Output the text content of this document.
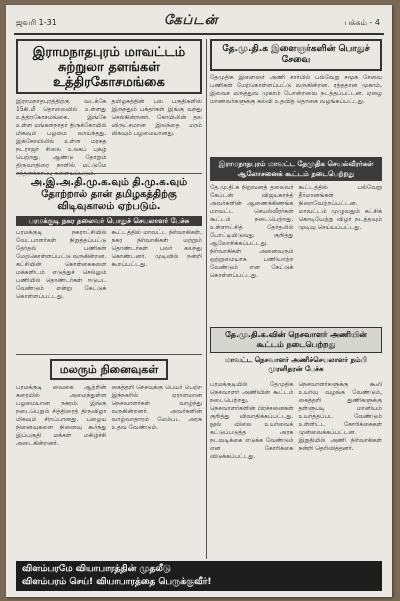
ஜவரி 1-31	கேப்டன்	பக்கம் - 4

இராமநாதபுரம் மாவட்டம் சுற்றுலா தளங்கள் உத்திரகோசமங்கை

இராமநாதபுரத்திற்கு வடக்கே 15கி.மீ தொலைவில் உள்ளது உத்திரகோசமங்கை. இங்கே உள்ள மங்களநாதர் திருக்கோயில் மிகவும் பழமை வாய்ந்தது. இக்கோயிலில் உள்ள மரகத நடராஜர் சிலை உலகப் புகழ் பெற்றது. ஆண்டு தோறும் திருவாதிரை நாளில் மட்டுமே சந்தனக்காப்பு களையப்படும்.

தமிழகத்தின் பல பகுதிகளில் இருந்தும் பக்தர்கள் இங்கு வந்து செல்கின்றனர். கோயிலின் தல விருட்சமான இலந்தை மரம் மிகவும் பழமையானது.

அ.இ.அ.தி.மு.க.வும் தி.மு.க.வும் தோற்றால் தான் தமிழகத்திற்கு விடிவுகாலம் ஏற்படும்.

பரமக்குடி நகர தலைவர் பொதுச் செயலாளர் பேச்சு

பரமக்குடி நகராட்சியில் வேட்பாளர்கள் நிறுத்தப்பட்டு தேர்தல் பணிகள் மேற்கொள்ளப்பட்டு வருகின்றன. கட்சியின் கொள்கைகளை மக்களிடம் எடுத்துச் செல்லும் பணியில் தொண்டர்கள் ஈடுபட வேண்டும் என்று கேட்டுக் கொள்ளப்பட்டது.

கூட்டத்தில் மாவட்ட நிர்வாகிகள், நகர நிர்வாகிகள் மற்றும் தொண்டர்கள் பலர் கலந்து கொண்டனர். முடிவில் நன்றி கூறப்பட்டது.

மலரும் நினைவுகள்

பரமக்குடி வைகை ஆற்றின் கரையில் அமைந்துள்ள பழமையான நகரம். இங்கு நடைபெறும் சித்திரைத் திருவிழா மிகவும் சிறப்பானது. பழைய நினைவுகளை நினைவு கூர்ந்து இப்பகுதி மக்கள் மகிழ்ச்சி அடைகின்றனர்.

கைத்தறி நெசவுக்கு பெயர் பெற்ற இந்நகரில் ஏராளமான நெசவாளர்கள் வாழ்ந்து வருகின்றனர். அவர்களின் வாழ்வாதாரம் மேம்பட அரசு உதவ வேண்டும்.

தே.மு.தி.க இளைஞர்களின் பொதுச் சேவை

தேமுதிக இளைஞர் அணி சார்பில் பல்வேறு சமூக சேவை பணிகள் மேற்கொள்ளப்பட்டு வருகின்றன. ரத்ததான முகாம், இலவச மருத்துவ முகாம் போன்றவை நடத்தப்பட்டன. ஏழை மாணவர்களுக்கு கல்வி உதவித் தொகை வழங்கப்பட்டது.

இராமநாதபுரம் மாவட்ட தேமுதிக செயல்வீரர்கள் ஆலோசனைக் கூட்டம் நடைபெற்றது

தே.மு.தி.க நிறுவனத் தலைவர் கேப்டன் விஜயகாந்த் அவர்களின் ஆணைக்கிணங்க மாவட்ட செயல்வீரர்கள் கூட்டம் நடைபெற்றது. உள்ளாட்சித் தேர்தலில் போட்டியிடுவது குறித்து ஆலோசிக்கப்பட்டது. நிர்வாகிகள் அனைவரும் ஒற்றுமையாக பணியாற்ற வேண்டும் என கேட்டுக் கொள்ளப்பட்டது.

கூட்டத்தில் பல்வேறு தீர்மானங்கள் நிறைவேற்றப்பட்டன. மாவட்டம் முழுவதும் கட்சிக் கொடியேற்று விழா நடத்தவும் முடிவு செய்யப்பட்டது.

தே.மு.தி.க.வின் நெசவாளர் அணியின் கூட்டம் நடைபெற்றது

மாவட்ட நெசவாளர் அணிச்செயலாளர் நம்பி முரளிதரன் பேச்சு

பரமக்குடியில் தேமுதிக நெசவாளர் அணியின் கூட்டம் நடைபெற்றது. நெசவாளர்களின் பிரச்சனைகள் குறித்து விவாதிக்கப்பட்டது. நூல் விலை உயர்வைக் கட்டுப்படுத்த அரசு நடவடிக்கை எடுக்க வேண்டும் என கோரிக்கை விடுக்கப்பட்டது.

நெசவாளர்களுக்கு கூலி உயர்வு வழங்க வேண்டும், கைத்தறி துணிகளுக்கு தள்ளுபடி மானியம் உயர்த்தப்பட வேண்டும் உள்ளிட்ட கோரிக்கைகள் முன்வைக்கப்பட்டன. இறுதியில் அணி நிர்வாகிகள் நன்றி தெரிவித்தனர்.

விளம்பரமே வியாபாரத்தின் முதலீடு
விளம்பரம் செய்! வியாபாரத்தை பெருக்குவீர்!
